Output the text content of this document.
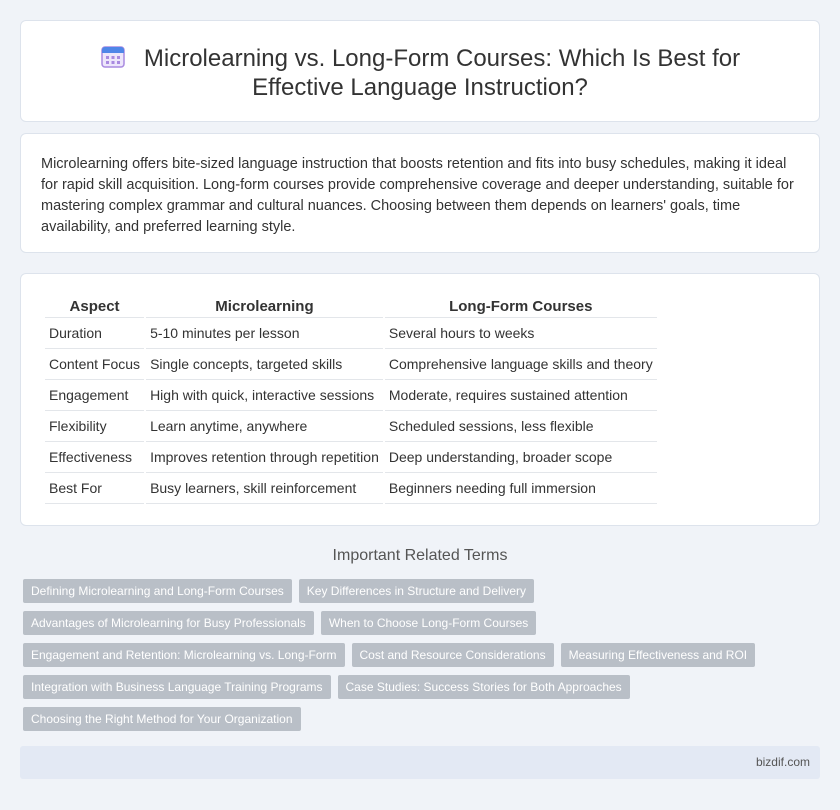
Microlearning vs. Long-Form Courses: Which Is Best for Effective Language Instruction?

Microlearning offers bite-sized language instruction that boosts retention and fits into busy schedules, making it ideal for rapid skill acquisition. Long-form courses provide comprehensive coverage and deeper understanding, suitable for mastering complex grammar and cultural nuances. Choosing between them depends on learners' goals, time availability, and preferred learning style.

Aspect	Microlearning	Long-Form Courses
Duration	5-10 minutes per lesson	Several hours to weeks
Content Focus	Single concepts, targeted skills	Comprehensive language skills and theory
Engagement	High with quick, interactive sessions	Moderate, requires sustained attention
Flexibility	Learn anytime, anywhere	Scheduled sessions, less flexible
Effectiveness	Improves retention through repetition	Deep understanding, broader scope
Best For	Busy learners, skill reinforcement	Beginners needing full immersion
Important Related Terms
Defining Microlearning and Long-Form Courses	Key Differences in Structure and Delivery
Advantages of Microlearning for Busy Professionals	When to Choose Long-Form Courses
Engagement and Retention: Microlearning vs. Long-Form	Cost and Resource Considerations	Measuring Effectiveness and ROI
Integration with Business Language Training Programs	Case Studies: Success Stories for Both Approaches
Choosing the Right Method for Your Organization
bizdif.com
